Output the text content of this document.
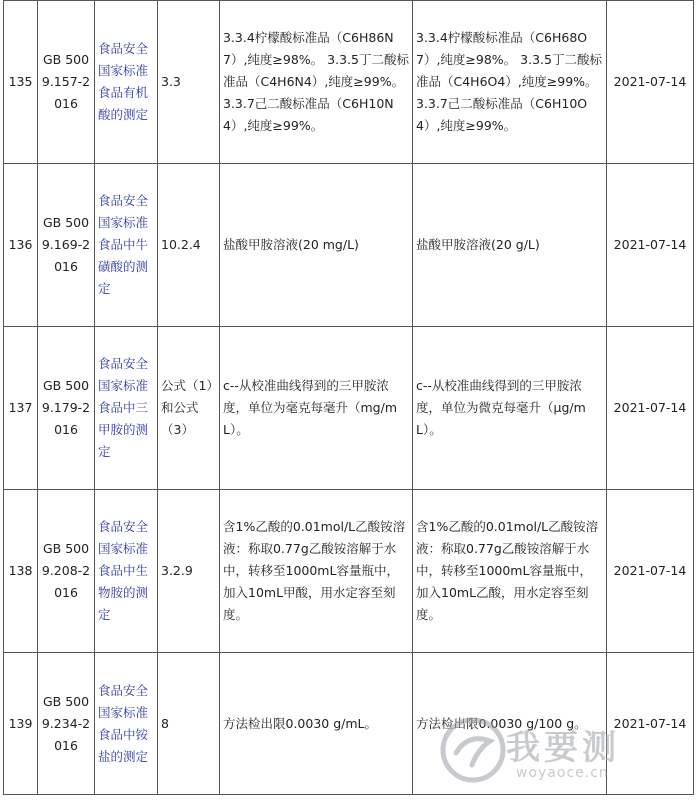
135	GB 5009.157-2016	食品安全国家标准食品有机酸的测定	3.3	3.3.4柠檬酸标准品（C6H86N7）,纯度≥98%。 3.3.5丁二酸标准品（C4H6N4）,纯度≥99%。 3.3.7己二酸标准品（C6H10N4）,纯度≥99%。	3.3.4柠檬酸标准品（C6H68O7）,纯度≥98%。 3.3.5丁二酸标准品（C4H6O4）,纯度≥99%。 3.3.7己二酸标准品（C6H10O4）,纯度≥99%。	2021-07-14
136	GB 5009.169-2016	食品安全国家标准食品中牛磺酸的测定	10.2.4	盐酸甲胺溶液(20 mg/L)	盐酸甲胺溶液(20 g/L)	2021-07-14
137	GB 5009.179-2016	食品安全国家标准食品中三甲胺的测定	公式（1）和公式（3）	c--从校准曲线得到的三甲胺浓度，单位为毫克每毫升（mg/mL）。	c--从校准曲线得到的三甲胺浓度，单位为微克每毫升（μg/mL）。	2021-07-14
138	GB 5009.208-2016	食品安全国家标准食品中生物胺的测定	3.2.9	含1%乙酸的0.01mol/L乙酸铵溶液：称取0.77g乙酸铵溶解于水中，转移至1000mL容量瓶中，加入10mL甲酸，用水定容至刻度。	含1%乙酸的0.01mol/L乙酸铵溶液：称取0.77g乙酸铵溶解于水中，转移至1000mL容量瓶中，加入10mL乙酸，用水定容至刻度。	2021-07-14
139	GB 5009.234-2016	食品安全国家标准食品中铵盐的测定	8	方法检出限0.0030 g/mL。	方法检出限0.0030 g/100 g。	2021-07-14
我要测
woyaoce.cn
